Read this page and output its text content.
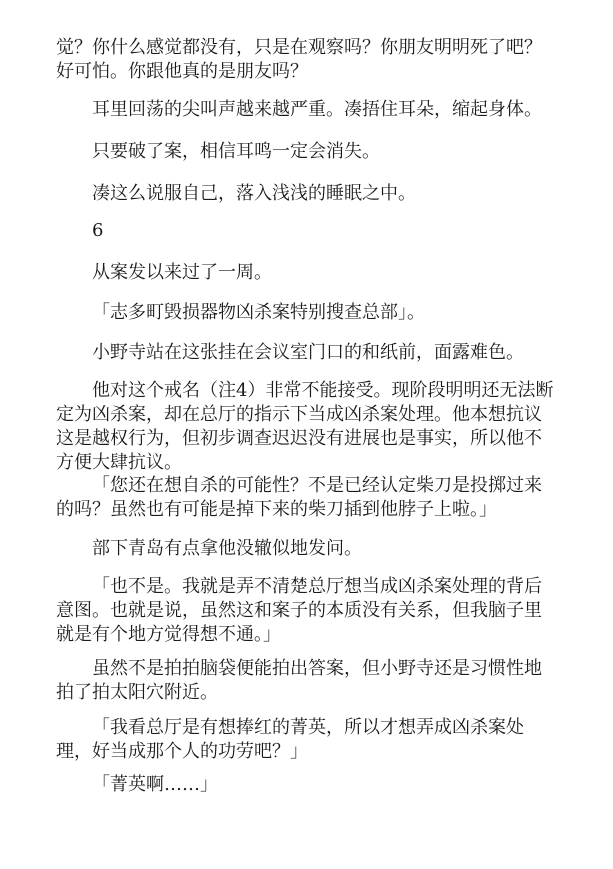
觉？你什么感觉都没有，只是在观察吗？你朋友明明死了吧？好可怕。你跟他真的是朋友吗？

耳里回荡的尖叫声越来越严重。凑捂住耳朵，缩起身体。

只要破了案，相信耳鸣一定会消失。

凑这么说服自己，落入浅浅的睡眠之中。

6

从案发以来过了一周。

「志多町毁损器物凶杀案特别搜查总部」。

小野寺站在这张挂在会议室门口的和纸前，面露难色。

他对这个戒名（注4）非常不能接受。现阶段明明还无法断定为凶杀案，却在总厅的指示下当成凶杀案处理。他本想抗议这是越权行为，但初步调查迟迟没有进展也是事实，所以他不方便大肆抗议。

「您还在想自杀的可能性？不是已经认定柴刀是投掷过来的吗？虽然也有可能是掉下来的柴刀插到他脖子上啦。」

部下青岛有点拿他没辙似地发问。

「也不是。我就是弄不清楚总厅想当成凶杀案处理的背后意图。也就是说，虽然这和案子的本质没有关系，但我脑子里就是有个地方觉得想不通。」

虽然不是拍拍脑袋便能拍出答案，但小野寺还是习惯性地拍了拍太阳穴附近。

「我看总厅是有想捧红的菁英，所以才想弄成凶杀案处理，好当成那个人的功劳吧？」

「菁英啊……」
